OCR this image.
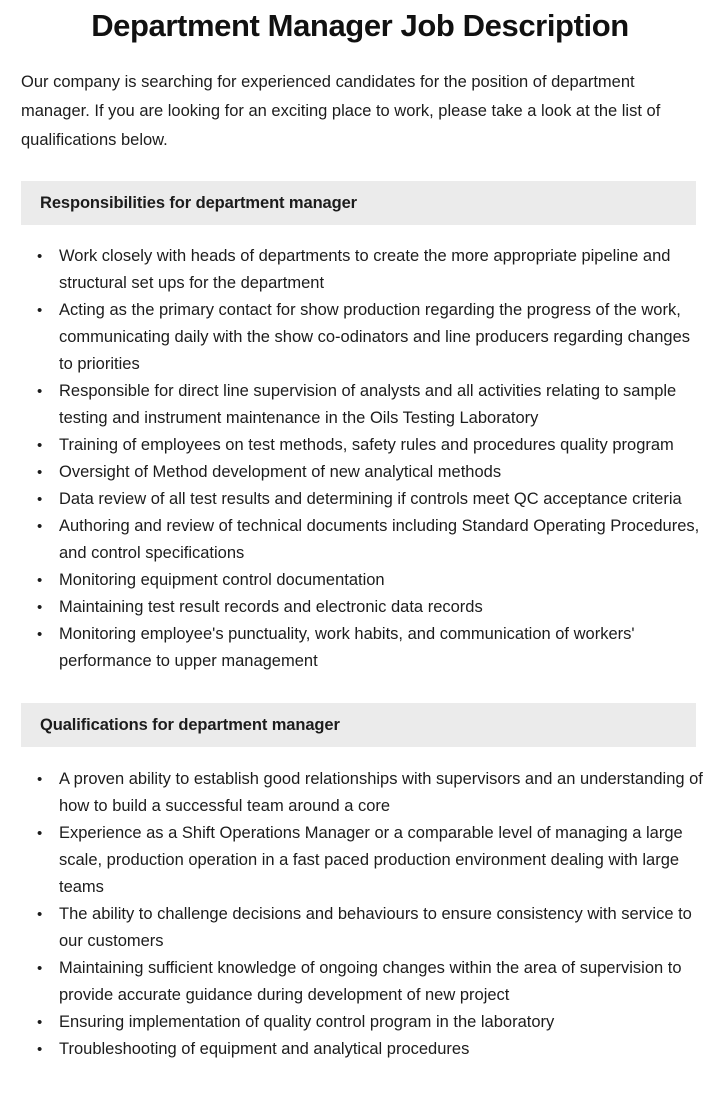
Department Manager Job Description

Our company is searching for experienced candidates for the position of department manager. If you are looking for an exciting place to work, please take a look at the list of qualifications below.

Responsibilities for department manager
• Work closely with heads of departments to create the more appropriate pipeline and structural set ups for the department
• Acting as the primary contact for show production regarding the progress of the work, communicating daily with the show co-odinators and line producers regarding changes to priorities
• Responsible for direct line supervision of analysts and all activities relating to sample testing and instrument maintenance in the Oils Testing Laboratory
• Training of employees on test methods, safety rules and procedures quality program
• Oversight of Method development of new analytical methods
• Data review of all test results and determining if controls meet QC acceptance criteria
• Authoring and review of technical documents including Standard Operating Procedures, and control specifications
• Monitoring equipment control documentation
• Maintaining test result records and electronic data records
• Monitoring employee's punctuality, work habits, and communication of workers' performance to upper management
Qualifications for department manager
• A proven ability to establish good relationships with supervisors and an understanding of how to build a successful team around a core
• Experience as a Shift Operations Manager or a comparable level of managing a large scale, production operation in a fast paced production environment dealing with large teams
• The ability to challenge decisions and behaviours to ensure consistency with service to our customers
• Maintaining sufficient knowledge of ongoing changes within the area of supervision to provide accurate guidance during development of new project
• Ensuring implementation of quality control program in the laboratory
• Troubleshooting of equipment and analytical procedures
